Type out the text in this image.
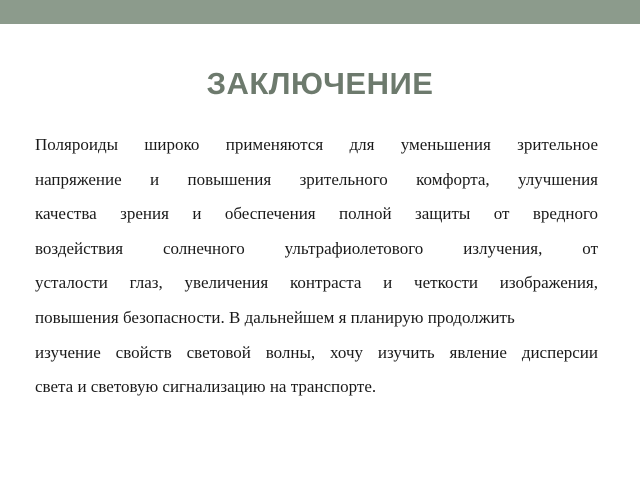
ЗАКЛЮЧЕНИЕ
Поляроиды широко применяются для уменьшения зрительное
напряжение и повышения зрительного комфорта, улучшения
качества зрения и обеспечения полной защиты от вредного
воздействия солнечного ультрафиолетового излучения, от
усталости глаз, увеличения контраста и четкости изображения,
повышения безопасности. В дальнейшем я планирую продолжить
изучение свойств световой волны, хочу изучить явление дисперсии
света и световую сигнализацию на транспорте.
